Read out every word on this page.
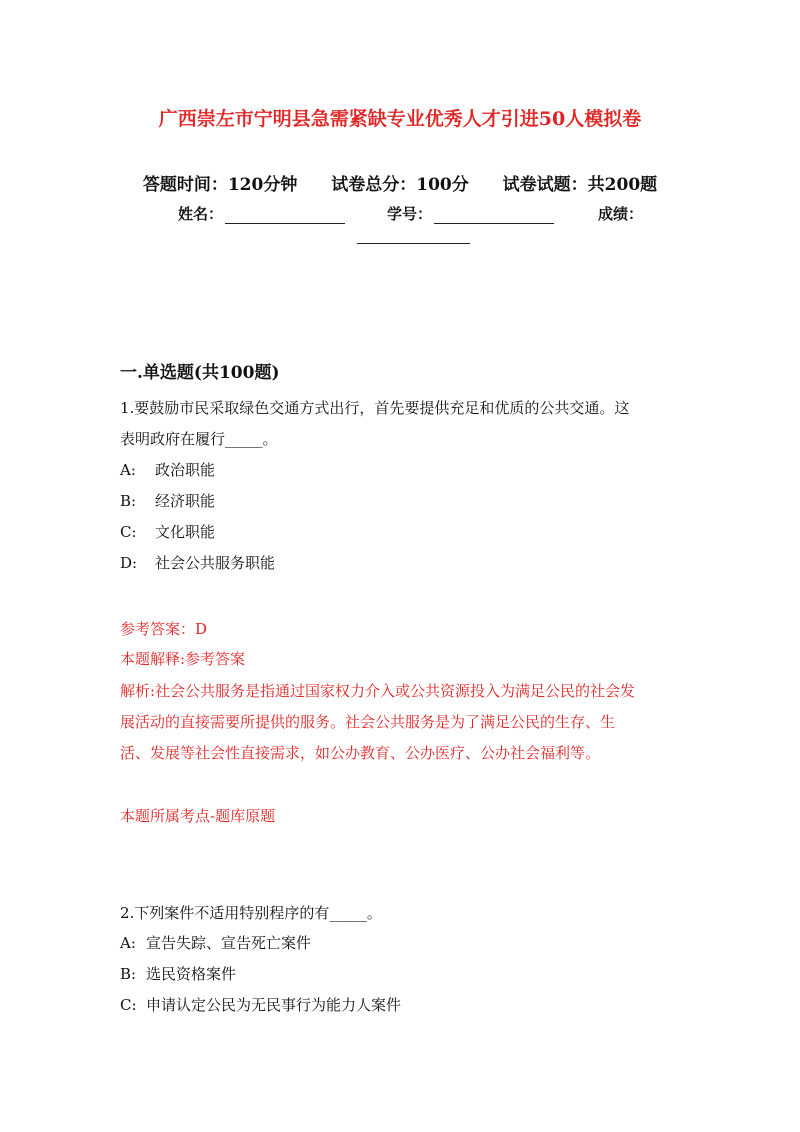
广西崇左市宁明县急需紧缺专业优秀人才引进50人模拟卷
答题时间：120分钟 试卷总分：100分 试卷试题：共200题
姓名：	学号：	成绩：
一.单选题(共100题)
1.要鼓励市民采取绿色交通方式出行，首先要提供充足和优质的公共交通。这
表明政府在履行_____。
A: 政治职能
B: 经济职能
C: 文化职能
D: 社会公共服务职能
参考答案：D
本题解释:参考答案
解析:社会公共服务是指通过国家权力介入或公共资源投入为满足公民的社会发
展活动的直接需要所提供的服务。社会公共服务是为了满足公民的生存、生
活、发展等社会性直接需求，如公办教育、公办医疗、公办社会福利等。
本题所属考点-题库原题
2.下列案件不适用特别程序的有_____。
A: 宣告失踪、宣告死亡案件
B: 选民资格案件
C: 申请认定公民为无民事行为能力人案件
